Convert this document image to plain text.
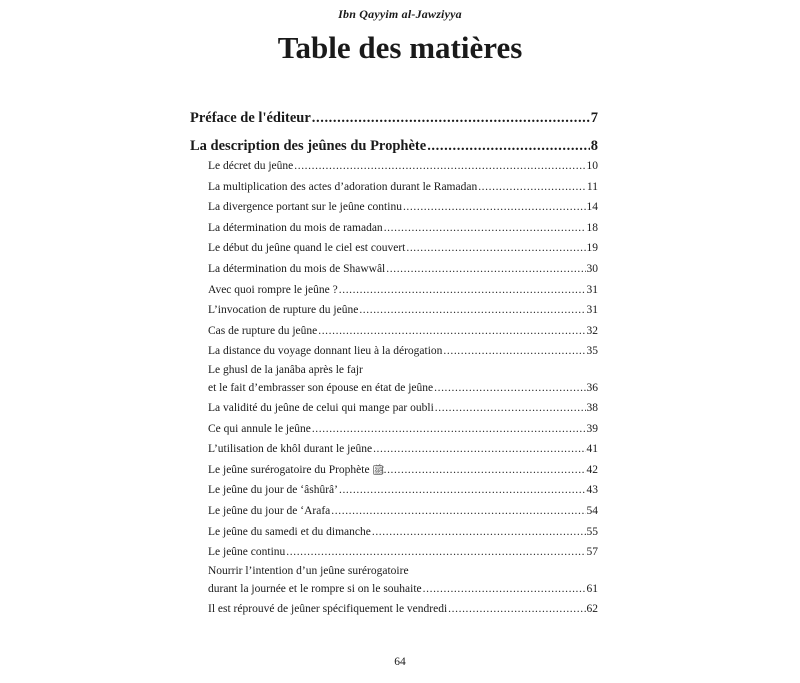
Ibn Qayyim al-Jawziyya
Table des matières
Préface de l'éditeur .....	7
La description des jeûnes du Prophète .....	8
Le décret du jeûne .....	10
La multiplication des actes d’adoration durant le Ramadan .....	11
La divergence portant sur le jeûne continu .....	14
La détermination du mois de ramadan .....	18
Le début du jeûne quand le ciel est couvert .....	19
La détermination du mois de Shawwâl .....	30
Avec quoi rompre le jeûne ? .....	31
L’invocation de rupture du jeûne .....	31
Cas de rupture du jeûne .....	32
La distance du voyage donnant lieu à la dérogation .....	35
Le ghusl de la janâba après le fajr
et le fait d’embrasser son épouse en état de jeûne .....	36
La validité du jeûne de celui qui mange par oubli .....	38
Ce qui annule le jeûne .....	39
L’utilisation de khôl durant le jeûne .....	41
Le jeûne surérogatoire du Prophète ﷺ .....	42
Le jeûne du jour de ‘âshûrâ’ .....	43
Le jeûne du jour de ‘Arafa .....	54
Le jeûne du samedi et du dimanche .....	55
Le jeûne continu .....	57
Nourrir l’intention d’un jeûne surérogatoire
durant la journée et le rompre si on le souhaite .....	61
Il est réprouvé de jeûner spécifiquement le vendredi .....	62
64
